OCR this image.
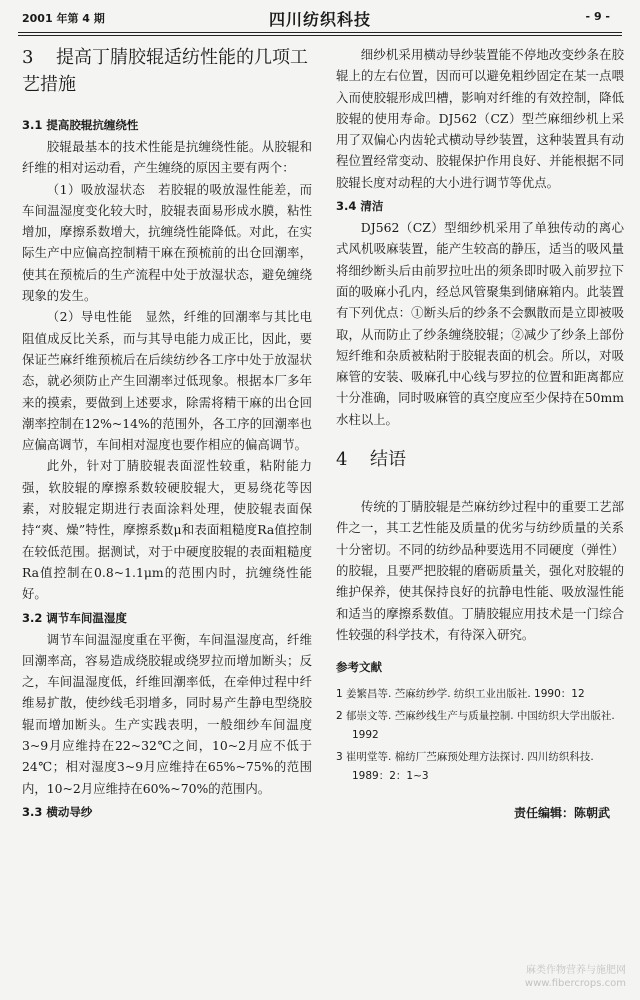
2001 年第 4 期	四川纺织科技	- 9 -
3 提高丁腈胶辊适纺性能的几项工艺措施
3.1 提高胶辊抗缠绕性

胶辊最基本的技术性能是抗缠绕性能。从胶辊和纤维的相对运动看，产生缠绕的原因主要有两个：

（1）吸放湿状态　若胶辊的吸放湿性能差，而车间温湿度变化较大时，胶辊表面易形成水膜，粘性增加，摩擦系数增大，抗缠绕性能降低。对此，在实际生产中应偏高控制精干麻在预梳前的出仓回潮率，使其在预梳后的生产流程中处于放湿状态，避免缠绕现象的发生。

（2）导电性能　显然，纤维的回潮率与其比电阻值成反比关系，而与其导电能力成正比，因此，要保证苎麻纤维预梳后在后续纺纱各工序中处于放湿状态，就必须防止产生回潮率过低现象。根据本厂多年来的摸索，要做到上述要求，除需将精干麻的出仓回潮率控制在12%~14%的范围外，各工序的回潮率也应偏高调节，车间相对湿度也要作相应的偏高调节。

此外，针对丁腈胶辊表面涩性较重，粘附能力强，软胶辊的摩擦系数较硬胶辊大，更易绕花等因素，对胶辊定期进行表面涂料处理，使胶辊表面保持“爽、燥”特性，摩擦系数μ和表面粗糙度Ra值控制在较低范围。据测试，对于中硬度胶辊的表面粗糙度Ra值控制在0.8~1.1μm的范围内时，抗缠绕性能好。

3.2 调节车间温湿度

调节车间温湿度重在平衡，车间温湿度高，纤维回潮率高，容易造成绕胶辊或绕罗拉而增加断头；反之，车间温湿度低，纤维回潮率低，在牵伸过程中纤维易扩散，使纱线毛羽增多，同时易产生静电型绕胶辊而增加断头。生产实践表明，一般细纱车间温度3~9月应维持在22~32℃之间，10~2月应不低于24℃；相对湿度3~9月应维持在65%~75%的范围内，10~2月应维持在60%~70%的范围内。

3.3 横动导纱

细纱机采用横动导纱装置能不停地改变纱条在胶辊上的左右位置，因而可以避免粗纱固定在某一点喂入而使胶辊形成凹槽，影响对纤维的有效控制，降低胶辊的使用寿命。DJ562（CZ）型苎麻细纱机上采用了双偏心内齿轮式横动导纱装置，这种装置具有动程位置经常变动、胶辊保护作用良好、并能根据不同胶辊长度对动程的大小进行调节等优点。

3.4 清洁

DJ562（CZ）型细纱机采用了单独传动的离心式风机吸麻装置，能产生较高的静压，适当的吸风量将细纱断头后由前罗拉吐出的须条即时吸入前罗拉下面的吸麻小孔内，经总风管聚集到储麻箱内。此装置有下列优点：①断头后的纱条不会飘散而是立即被吸取，从而防止了纱条缠绕胶辊；②减少了纱条上部份短纤维和杂质被粘附于胶辊表面的机会。所以，对吸麻管的安装、吸麻孔中心线与罗拉的位置和距离都应十分准确，同时吸麻管的真空度应至少保持在50mm水柱以上。

4 结语

传统的丁腈胶辊是苎麻纺纱过程中的重要工艺部件之一，其工艺性能及质量的优劣与纺纱质量的关系十分密切。不同的纺纱品种要选用不同硬度（弹性）的胶辊，且要严把胶辊的磨砺质量关，强化对胶辊的维护保养，使其保持良好的抗静电性能、吸放湿性能和适当的摩擦系数值。丁腈胶辊应用技术是一门综合性较强的科学技术，有待深入研究。

参考文献
1 姜繁昌等. 苎麻纺纱学. 纺织工业出版社. 1990：12
2 郁崇文等. 苎麻纱线生产与质量控制. 中国纺织大学出版社. 1992
3 崔明堂等. 棉纺厂苎麻预处理方法探讨. 四川纺织科技. 1989：2：1~3
责任编辑：陈朝武
麻类作物营养与施肥网
www.fibercrops.com
